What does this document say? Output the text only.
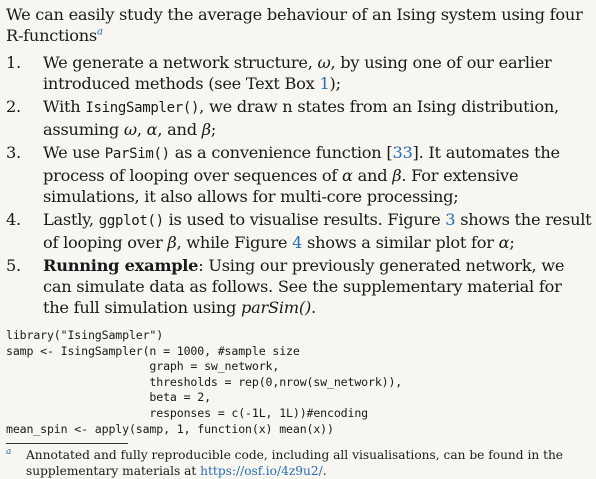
We can easily study the average behaviour of an Ising system using four R-functions$^a$

1. We generate a network structure, ω, by using one of our earlier introduced methods (see Text Box 1);
2. With IsingSampler(), we draw n states from an Ising distribution, assuming ω, α, and β;
3. We use ParSim() as a convenience function [33]. It automates the process of looping over sequences of α and β. For extensive simulations, it also allows for multi-core processing;
4. Lastly, ggplot() is used to visualise results. Figure 3 shows the result of looping over β, while Figure 4 shows a similar plot for α;
5. Running example: Using our previously generated network, we can simulate data as follows. See the supplementary material for the full simulation using parSim().
library("IsingSampler")
samp <- IsingSampler(n = 1000, #sample size
graph = sw_network,
thresholds = rep(0,nrow(sw_network)),
beta = 2,
responses = c(-1L, 1L))#encoding
mean_spin <- apply(samp, 1, function(x) mean(x))
a Annotated and fully reproducible code, including all visualisations, can be found in the supplementary materials at https://osf.io/4z9u2/.
